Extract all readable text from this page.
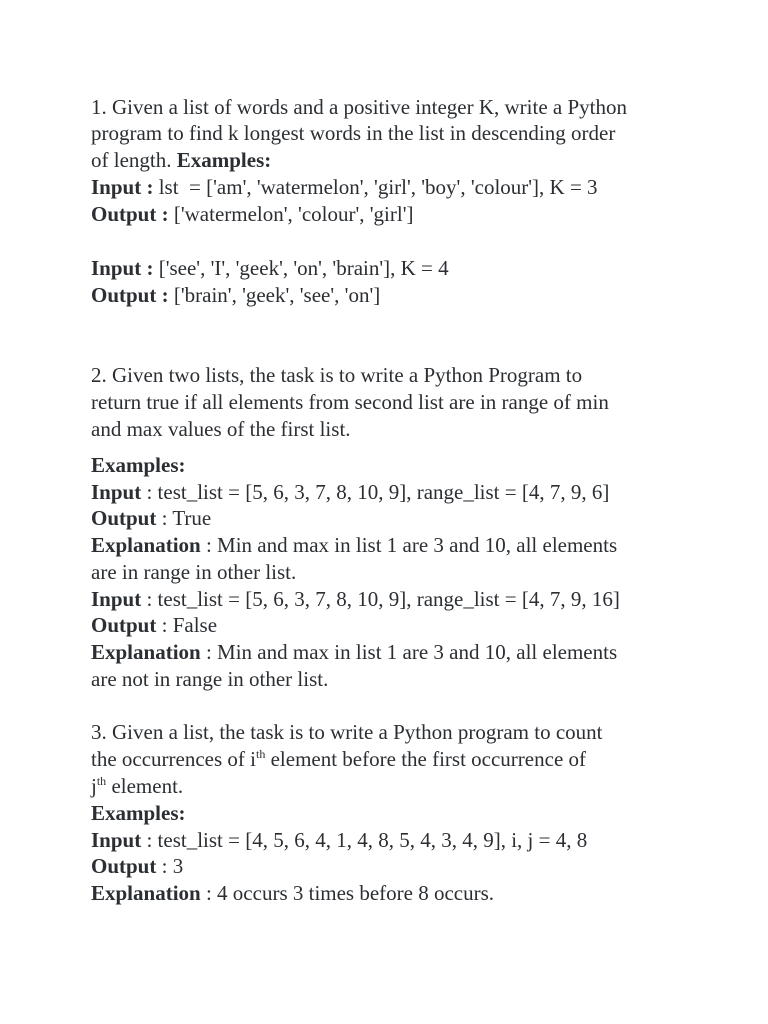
1. Given a list of words and a positive integer K, write a Python
program to find k longest words in the list in descending order
of length. Examples:
Input : lst  = ['am', 'watermelon', 'girl', 'boy', 'colour'], K = 3
Output : ['watermelon', 'colour', 'girl']
Input : ['see', 'I', 'geek', 'on', 'brain'], K = 4
Output : ['brain', 'geek', 'see', 'on']
2. Given two lists, the task is to write a Python Program to
return true if all elements from second list are in range of min
and max values of the first list.
Examples:
Input : test_list = [5, 6, 3, 7, 8, 10, 9], range_list = [4, 7, 9, 6]
Output : True
Explanation : Min and max in list 1 are 3 and 10, all elements
are in range in other list.
Input : test_list = [5, 6, 3, 7, 8, 10, 9], range_list = [4, 7, 9, 16]
Output : False
Explanation : Min and max in list 1 are 3 and 10, all elements
are not in range in other list.
3. Given a list, the task is to write a Python program to count
the occurrences of $i^{th}$ element before the first occurrence of
$j^{th}$ element.
Examples:
Input : test_list = [4, 5, 6, 4, 1, 4, 8, 5, 4, 3, 4, 9], i, j = 4, 8
Output : 3
Explanation : 4 occurs 3 times before 8 occurs.
